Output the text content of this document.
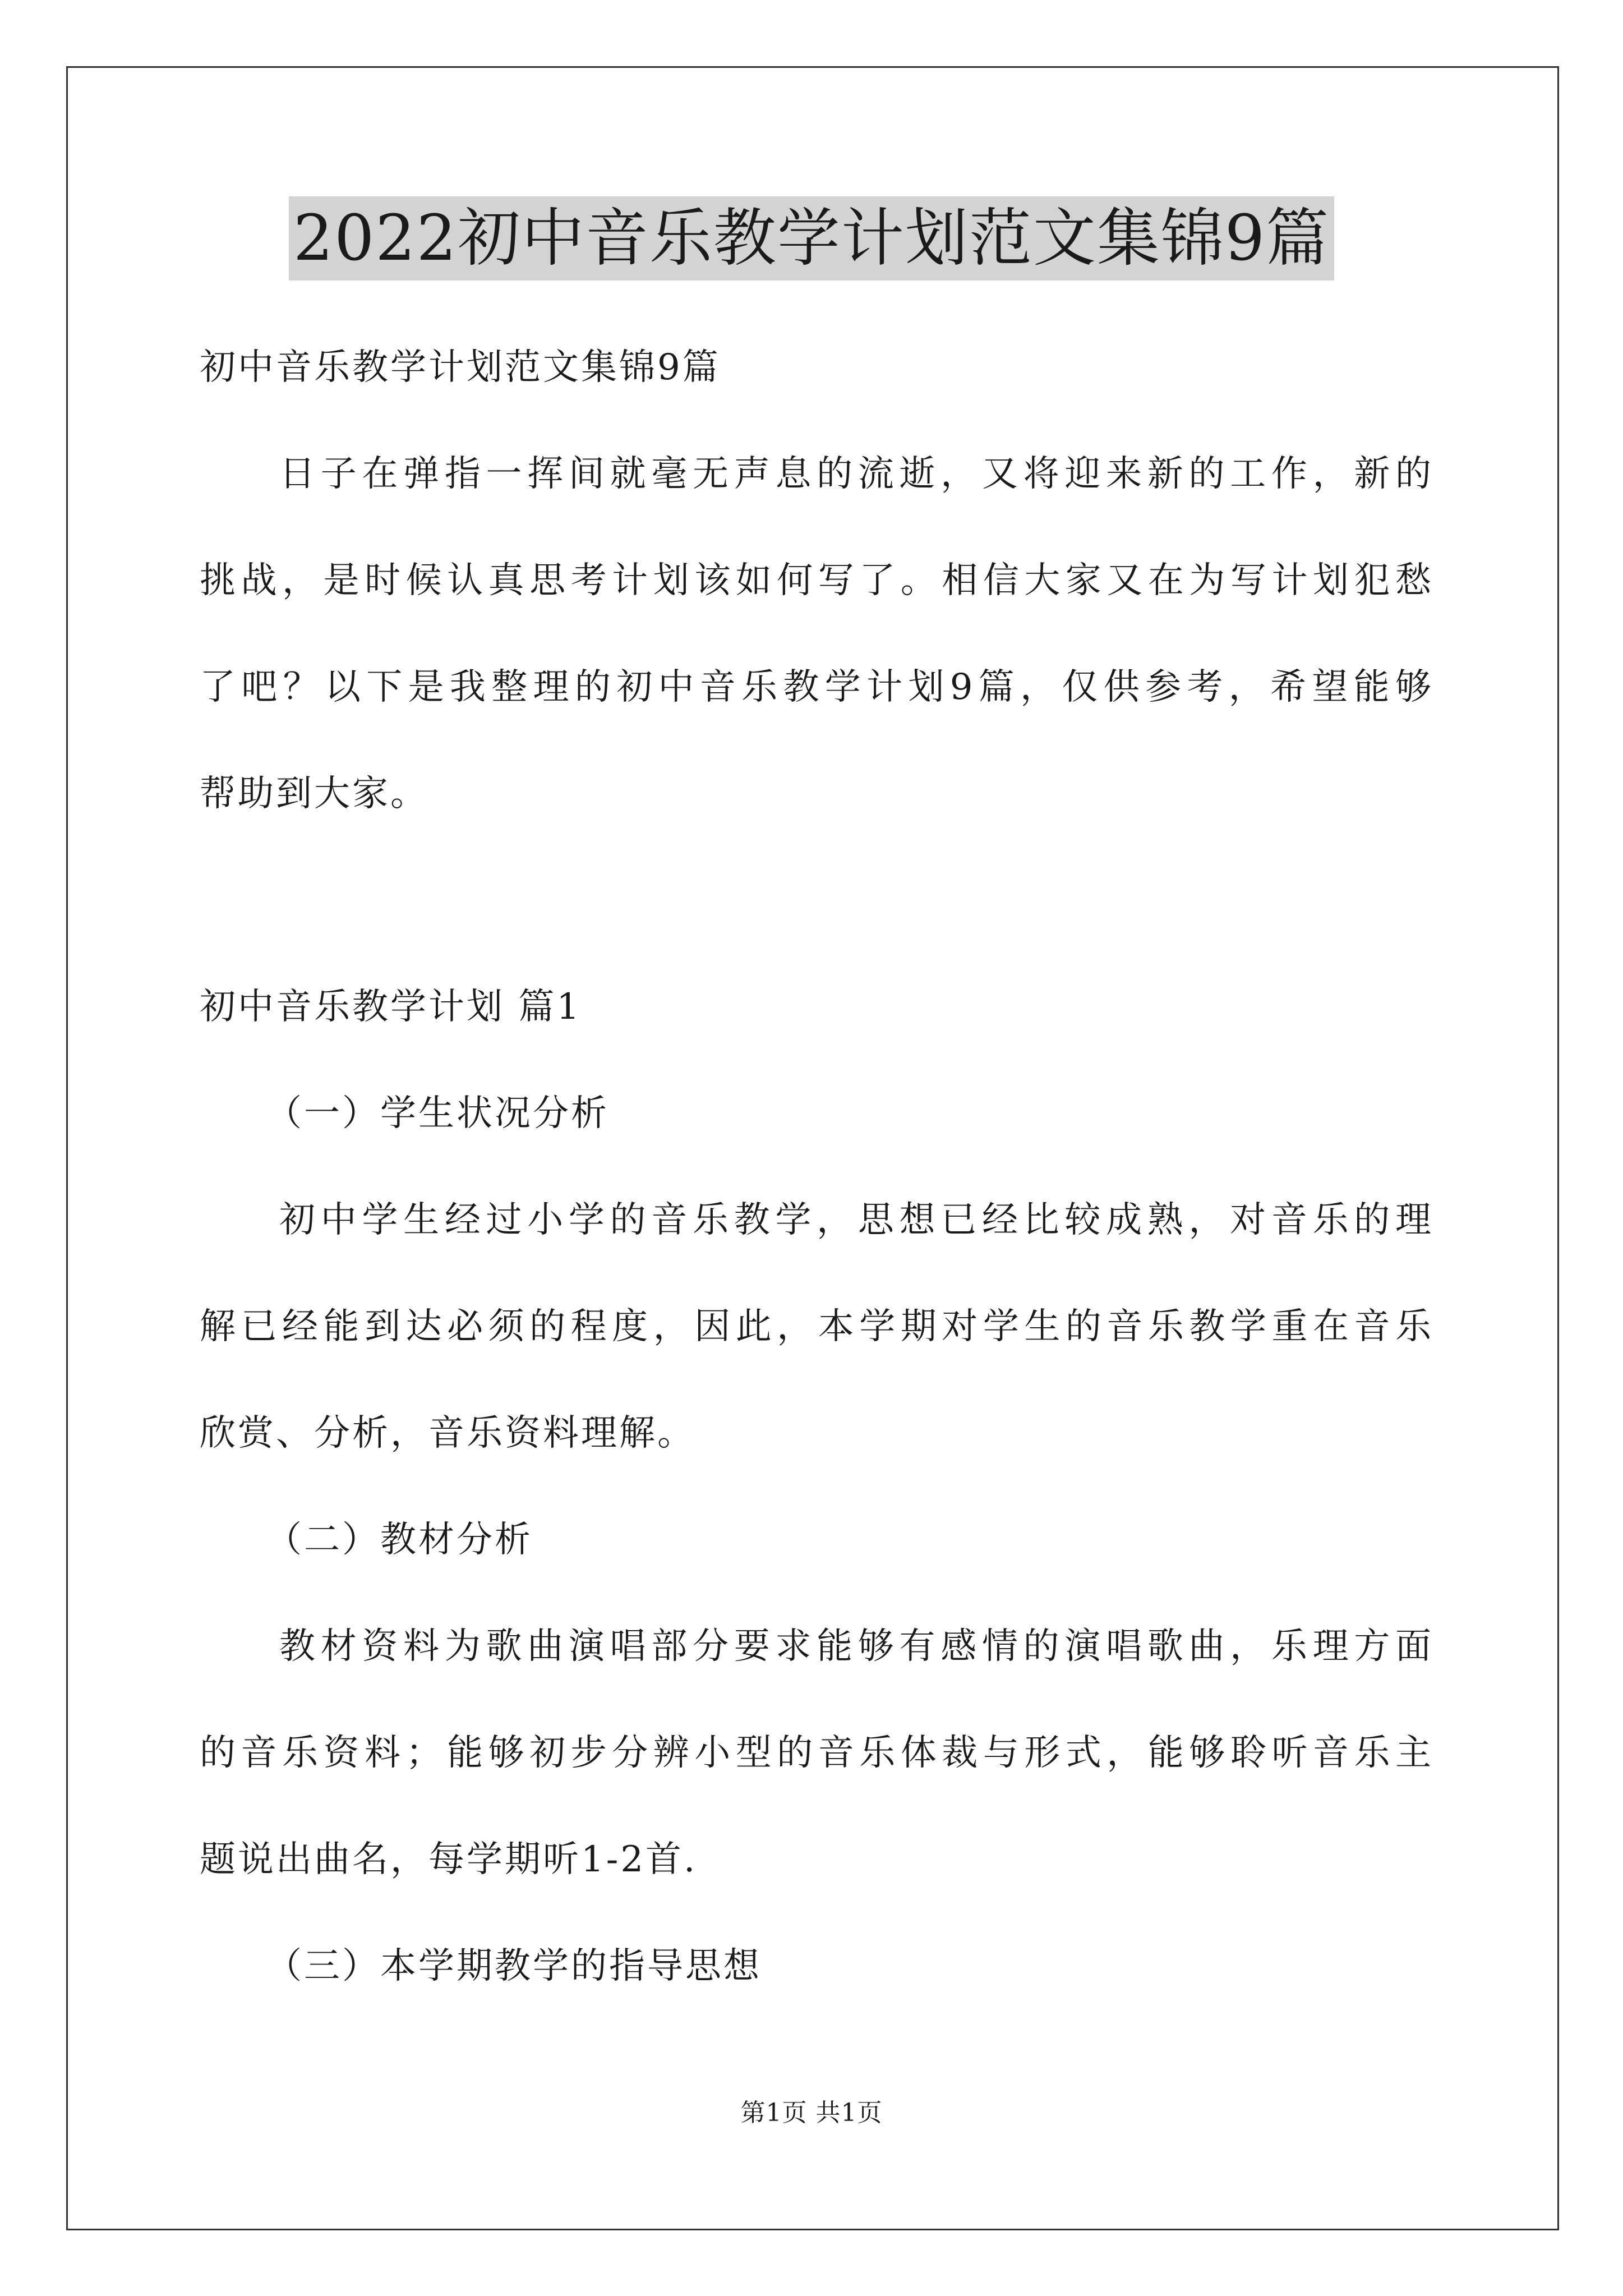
2022初中音乐教学计划范文集锦9篇
初中音乐教学计划范文集锦9篇
日子在弹指一挥间就毫无声息的流逝，又将迎来新的工作，新的
挑战，是时候认真思考计划该如何写了。相信大家又在为写计划犯愁
了吧？以下是我整理的初中音乐教学计划9篇，仅供参考，希望能够
帮助到大家。
初中音乐教学计划 篇1
（一）学生状况分析
初中学生经过小学的音乐教学，思想已经比较成熟，对音乐的理
解已经能到达必须的程度，因此，本学期对学生的音乐教学重在音乐
欣赏、分析，音乐资料理解。
（二）教材分析
教材资料为歌曲演唱部分要求能够有感情的演唱歌曲，乐理方面
的音乐资料；能够初步分辨小型的音乐体裁与形式，能够聆听音乐主
题说出曲名，每学期听1-2首.
（三）本学期教学的指导思想
第1页 共1页
